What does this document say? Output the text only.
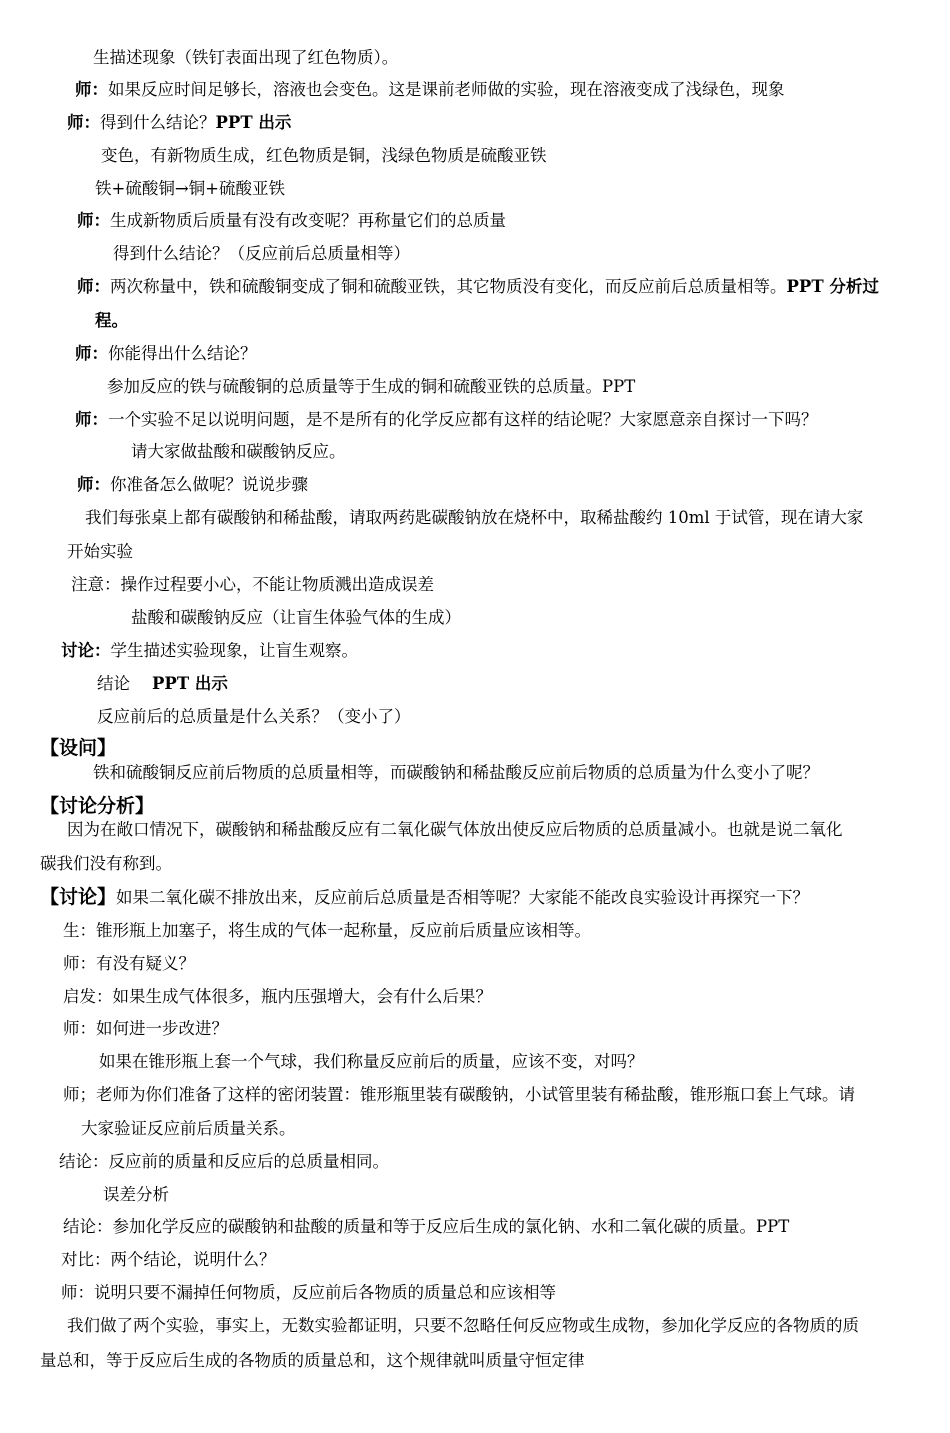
生描述现象（铁钉表面出现了红色物质）。
师：如果反应时间足够长，溶液也会变色。这是课前老师做的实验，现在溶液变成了浅绿色，现象
师：得到什么结论？PPT 出示
变色，有新物质生成，红色物质是铜，浅绿色物质是硫酸亚铁
铁+硫酸铜→铜+硫酸亚铁
师：生成新物质后质量有没有改变呢？再称量它们的总质量
得到什么结论？（反应前后总质量相等）
师：两次称量中，铁和硫酸铜变成了铜和硫酸亚铁，其它物质没有变化，而反应前后总质量相等。PPT 分析过
程。
师：你能得出什么结论？
参加反应的铁与硫酸铜的总质量等于生成的铜和硫酸亚铁的总质量。PPT
师：一个实验不足以说明问题，是不是所有的化学反应都有这样的结论呢？大家愿意亲自探讨一下吗？
请大家做盐酸和碳酸钠反应。
师：你准备怎么做呢？说说步骤
我们每张桌上都有碳酸钠和稀盐酸，请取两药匙碳酸钠放在烧杯中，取稀盐酸约 10ml 于试管，现在请大家
开始实验
注意：操作过程要小心，不能让物质溅出造成误差
盐酸和碳酸钠反应（让盲生体验气体的生成）
讨论：学生描述实验现象，让盲生观察。
结论 PPT 出示
反应前后的总质量是什么关系？（变小了）
【设问】
铁和硫酸铜反应前后物质的总质量相等，而碳酸钠和稀盐酸反应前后物质的总质量为什么变小了呢？
【讨论分析】
因为在敞口情况下，碳酸钠和稀盐酸反应有二氧化碳气体放出使反应后物质的总质量减小。也就是说二氧化
碳我们没有称到。
【讨论】如果二氧化碳不排放出来，反应前后总质量是否相等呢？大家能不能改良实验设计再探究一下？
生：锥形瓶上加塞子，将生成的气体一起称量，反应前后质量应该相等。
师：有没有疑义？
启发：如果生成气体很多，瓶内压强增大，会有什么后果？
师：如何进一步改进？
如果在锥形瓶上套一个气球，我们称量反应前后的质量，应该不变，对吗？
师；老师为你们准备了这样的密闭装置：锥形瓶里装有碳酸钠，小试管里装有稀盐酸，锥形瓶口套上气球。请
大家验证反应前后质量关系。
结论：反应前的质量和反应后的总质量相同。
误差分析
结论：参加化学反应的碳酸钠和盐酸的质量和等于反应后生成的氯化钠、水和二氧化碳的质量。PPT
对比：两个结论，说明什么？
师：说明只要不漏掉任何物质，反应前后各物质的质量总和应该相等
我们做了两个实验，事实上，无数实验都证明，只要不忽略任何反应物或生成物，参加化学反应的各物质的质
量总和，等于反应后生成的各物质的质量总和，这个规律就叫质量守恒定律
